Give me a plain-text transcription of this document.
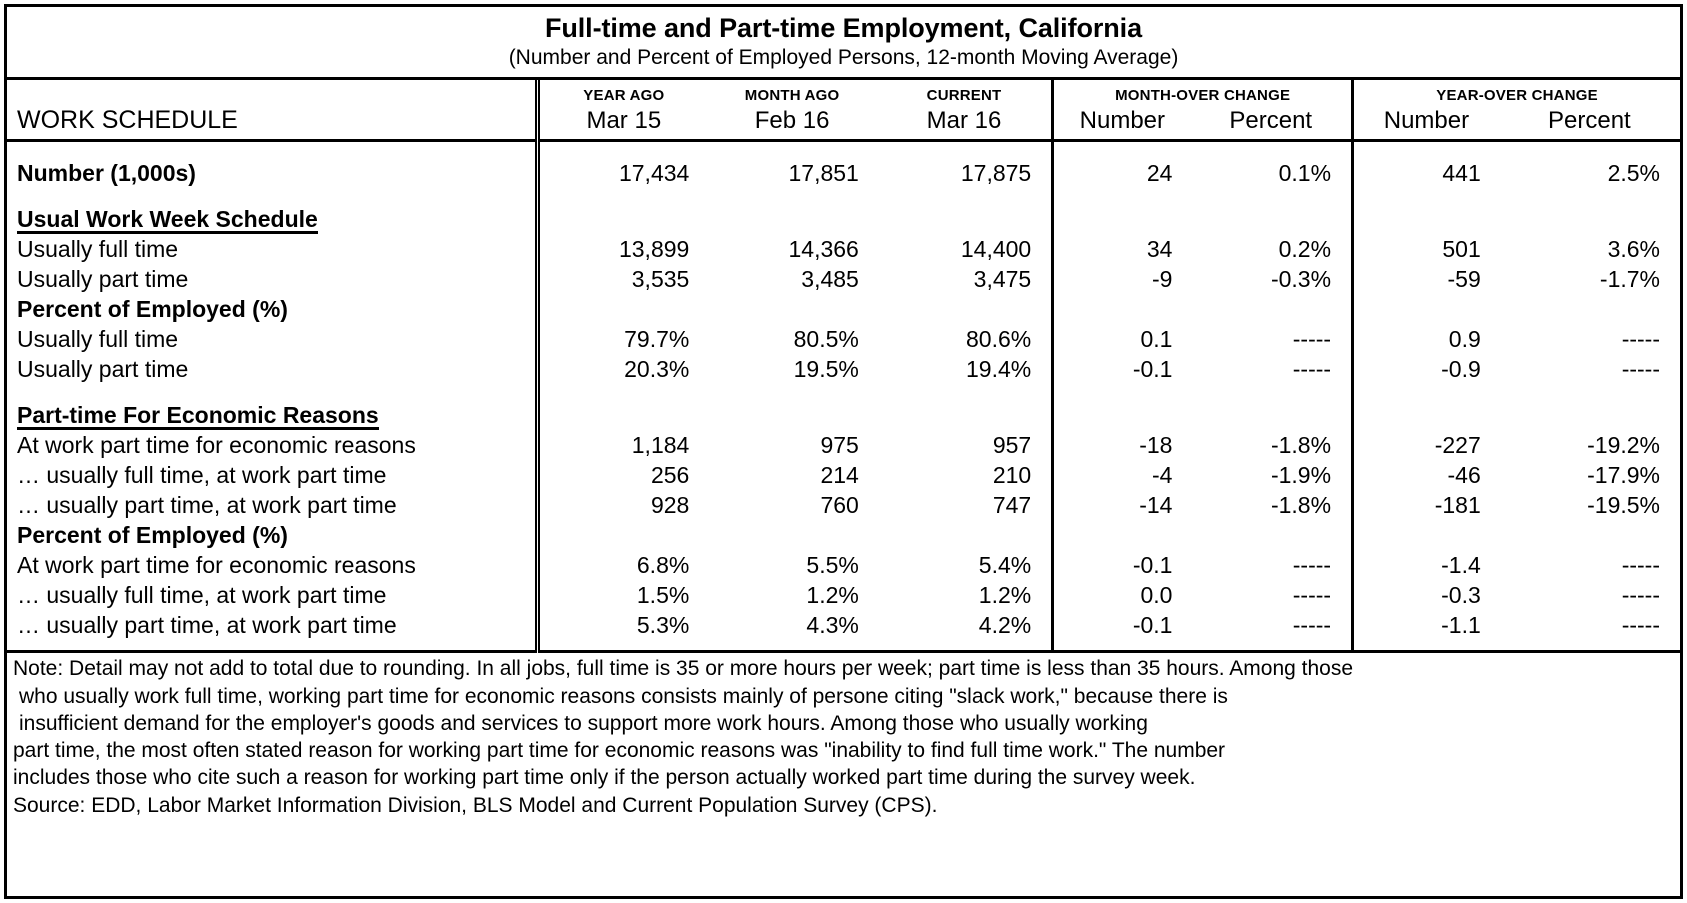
Full-time and Part-time Employment, California
(Number and Percent of Employed Persons, 12-month Moving Average)
	YEAR AGO	MONTH AGO	CURRENT	MONTH-OVER CHANGE		YEAR-OVER CHANGE	
WORK SCHEDULE	Mar 15	Feb 16	Mar 16	Number	Percent	Number	Percent

Number (1,000s)	17,434	17,851	17,875	24	0.1%	441	2.5%

Usual Work Week Schedule							
Usually full time	13,899	14,366	14,400	34	0.2%	501	3.6%
Usually part time	3,535	3,485	3,475	-9	-0.3%	-59	-1.7%
Percent of Employed (%)							
Usually full time	79.7%	80.5%	80.6%	0.1	-----	0.9	-----
Usually part time	20.3%	19.5%	19.4%	-0.1	-----	-0.9	-----

Part-time For Economic Reasons							
At work part time for economic reasons	1,184	975	957	-18	-1.8%	-227	-19.2%
… usually full time, at work part time	256	214	210	-4	-1.9%	-46	-17.9%
… usually part time, at work part time	928	760	747	-14	-1.8%	-181	-19.5%
Percent of Employed (%)							
At work part time for economic reasons	6.8%	5.5%	5.4%	-0.1	-----	-1.4	-----
… usually full time, at work part time	1.5%	1.2%	1.2%	0.0	-----	-0.3	-----
… usually part time, at work part time	5.3%	4.3%	4.2%	-0.1	-----	-1.1	-----

Note: Detail may not add to total due to rounding. In all jobs, full time is 35 or more hours per week; part time is less than 35 hours. Among those

who usually work full time, working part time for economic reasons consists mainly of persone citing "slack work," because there is

insufficient demand for the employer's goods and services to support more work hours. Among those who usually working

part time, the most often stated reason for working part time for economic reasons was "inability to find full time work." The number

includes those who cite such a reason for working part time only if the person actually worked part time during the survey week.

Source: EDD, Labor Market Information Division, BLS Model and Current Population Survey (CPS).
